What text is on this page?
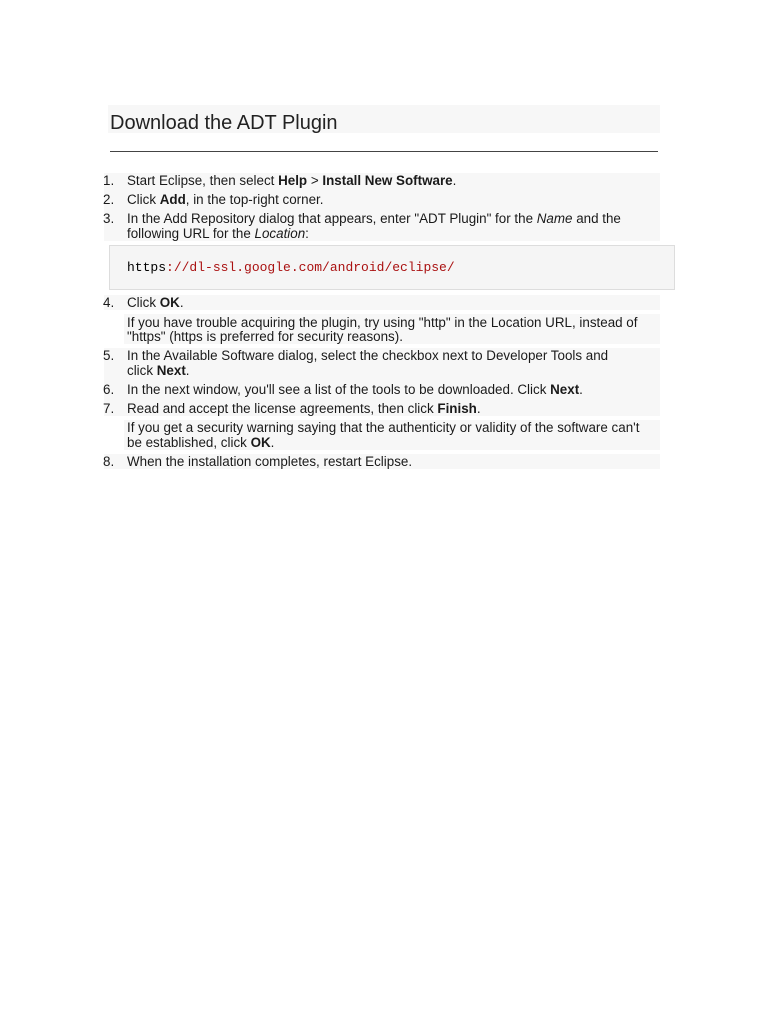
Download the ADT Plugin
1. Start Eclipse, then select Help > Install New Software.
2. Click Add, in the top-right corner.
3. In the Add Repository dialog that appears, enter "ADT Plugin" for the Name and the
following URL for the Location:
https://dl-ssl.google.com/android/eclipse/
4. Click OK.
If you have trouble acquiring the plugin, try using "http" in the Location URL, instead of
"https" (https is preferred for security reasons).
5. In the Available Software dialog, select the checkbox next to Developer Tools and
click Next.
6. In the next window, you'll see a list of the tools to be downloaded. Click Next.
7. Read and accept the license agreements, then click Finish.
If you get a security warning saying that the authenticity or validity of the software can't
be established, click OK.
8. When the installation completes, restart Eclipse.
